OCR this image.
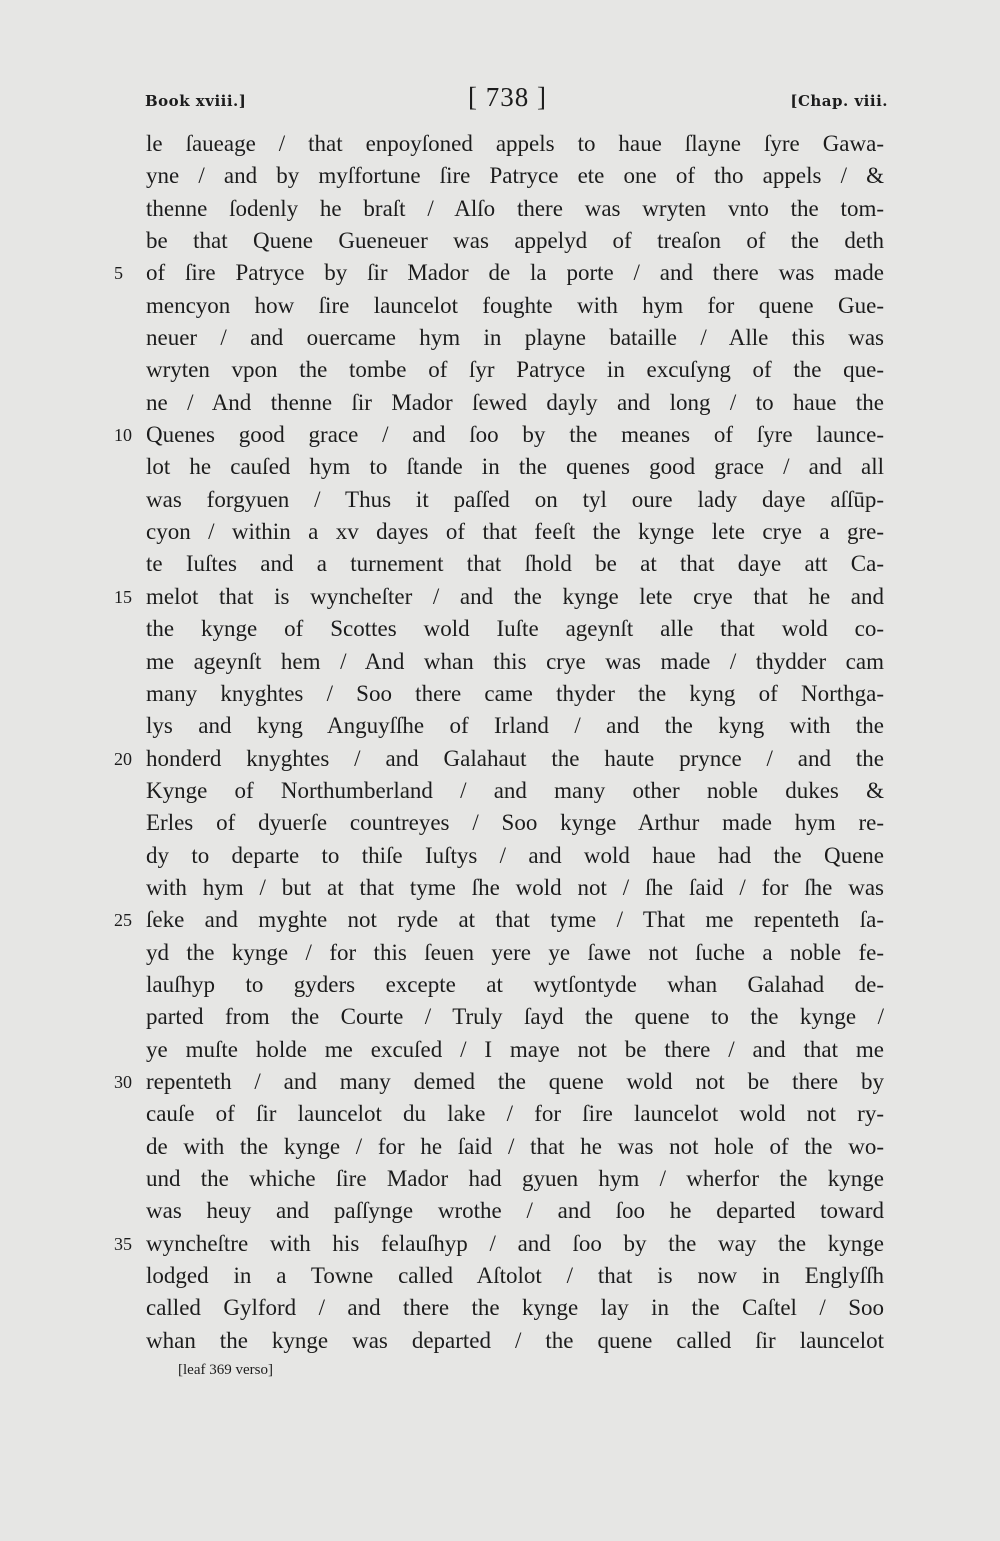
Book xviii.]	[ 738 ]	[Chap. viii.
le ſaueage / that enpoyſoned appels to haue ſlayne ſyre Gawa-
yne / and by myſfortune ſire Patryce ete one of tho appels / &
thenne ſodenly he braſt / Alſo there was wryten vnto the tom-
be that Quene Gueneuer was appelyd of treaſon of the deth
5	of ſire Patryce by ſir Mador de la porte / and there was made
mencyon how ſire launcelot foughte with hym for quene Gue-
neuer / and ouercame hym in playne bataille / Alle this was
wryten vpon the tombe of ſyr Patryce in excuſyng of the que-
ne / And thenne ſir Mador ſewed dayly and long / to haue the
10 Quenes good grace / and ſoo by the meanes of ſyre launce-
lot he cauſed hym to ſtande in the quenes good grace / and all
was forgyuen / Thus it paſſed on tyl oure lady daye aſſūp-
cyon / within a xv dayes of that feeſt the kynge lete crye a gre-
te Iuſtes and a turnement that ſhold be at that daye att Ca-
15 melot that is wyncheſter / and the kynge lete crye that he and
the kynge of Scottes wold Iuſte ageynſt alle that wold co-
me ageynſt hem / And whan this crye was made / thydder cam
many knyghtes / Soo there came thyder the kyng of Northga-
lys and kyng Anguyſſhe of Irland / and the kyng with the
20 honderd knyghtes / and Galahaut the haute prynce / and the
Kynge of Northumberland / and many other noble dukes &
Erles of dyuerſe countreyes / Soo kynge Arthur made hym re-
dy to departe to thiſe Iuſtys / and wold haue had the Quene
with hym / but at that tyme ſhe wold not / ſhe ſaid / for ſhe was
25 ſeke and myghte not ryde at that tyme / That me repenteth ſa-
yd the kynge / for this ſeuen yere ye ſawe not ſuche a noble fe-
lauſhyp to gyders excepte at wytſontyde whan Galahad de-
parted from the Courte / Truly ſayd the quene to the kynge /
ye muſte holde me excuſed / I maye not be there / and that me
30 repenteth / and many demed the quene wold not be there by
cauſe of ſir launcelot du lake / for ſire launcelot wold not ry-
de with the kynge / for he ſaid / that he was not hole of the wo-
und the whiche ſire Mador had gyuen hym / wherfor the kynge
was heuy and paſſynge wrothe / and ſoo he departed toward
35 wyncheſtre with his felauſhyp / and ſoo by the way the kynge
lodged in a Towne called Aſtolot / that is now in Englyſſh
called Gylford / and there the kynge lay in the Caſtel / Soo
whan the kynge was departed / the quene called ſir launcelot
[leaf 369 verso]
